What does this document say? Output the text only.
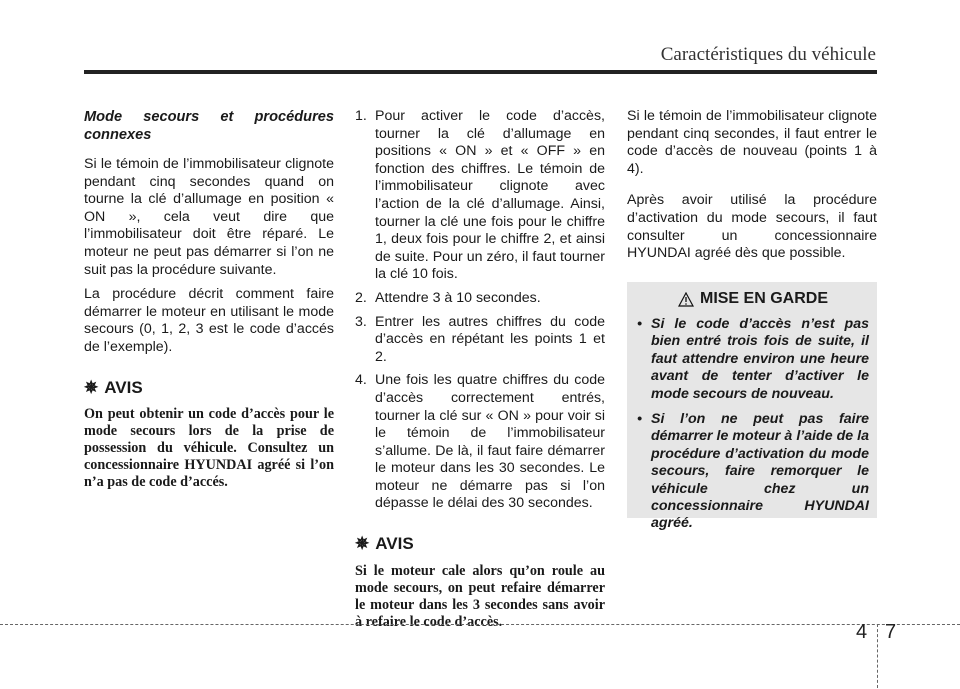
Caractéristiques du véhicule

Mode secours et procédures connexes

Si le témoin de l’immobilisateur clignote pendant cinq secondes quand on tourne la clé d’allumage en position « ON », cela veut dire que l’immobilisateur doit être réparé. Le moteur ne peut pas démarrer si l’on ne suit pas la procédure suivante.

La procédure décrit comment faire démarrer le moteur en utilisant le mode secours (0, 1, 2, 3 est le code d’accés de l’exemple).

✵ AVIS

On peut obtenir un code d’accès pour le mode secours lors de la prise de possession du véhicule. Consultez un concessionnaire HYUNDAI agréé si l’on n’a pas de code d’accés.

1. Pour activer le code d’accès, tourner la clé d’allumage en positions « ON » et « OFF » en fonction des chiffres. Le témoin de l’immobilisateur clignote avec l’action de la clé d’allumage. Ainsi, tourner la clé une fois pour le chiffre 1, deux fois pour le chiffre 2, et ainsi de suite. Pour un zéro, il faut tourner la clé 10 fois.
2. Attendre 3 à 10 secondes.
3. Entrer les autres chiffres du code d’accès en répétant les points 1 et 2.
4. Une fois les quatre chiffres du code d’accès correctement entrés, tourner la clé sur « ON » pour voir si le témoin de l’immobilisateur s’allume. De là, il faut faire démarrer le moteur dans les 30 secondes. Le moteur ne démarre pas si l’on dépasse le délai des 30 secondes.
✵ AVIS

Si le moteur cale alors qu’on roule au mode secours, on peut refaire démarrer le moteur dans les 3 secondes sans avoir à refaire le code d’accès.

Si le témoin de l’immobilisateur clignote pendant cinq secondes, il faut entrer le code d’accès de nouveau (points 1 à 4).

Après avoir utilisé la procédure d’activation du mode secours, il faut consulter un concessionnaire HYUNDAI agréé dès que possible.

MISE EN GARDE
• Si le code d’accès n’est pas bien entré trois fois de suite, il faut attendre environ une heure avant de tenter d’activer le mode secours de nouveau.
• Si l’on ne peut pas faire démarrer le moteur à l’aide de la procédure d’activation du mode secours, faire remorquer le véhicule chez un concessionnaire HYUNDAI agréé.
4 7
